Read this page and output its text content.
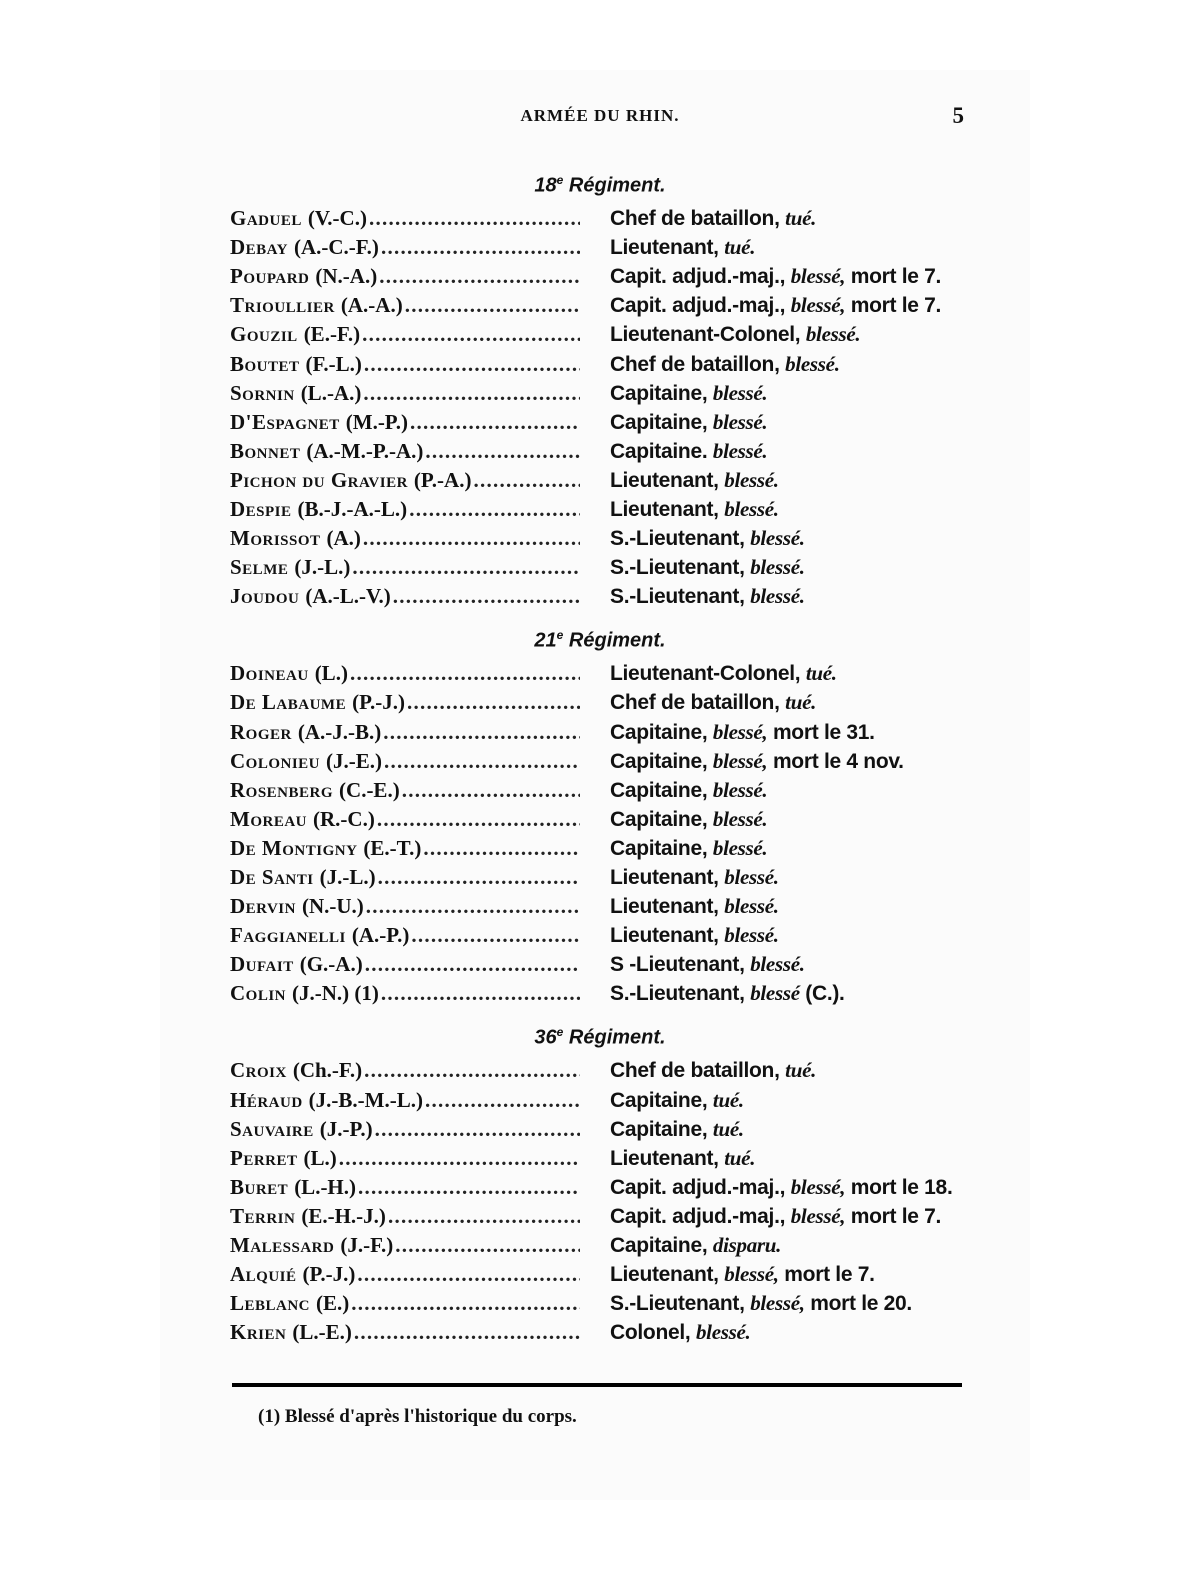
ARMÉE DU RHIN.	5
18e Régiment.
Gaduel (V.-C.) . . .	Chef de bataillon, tué.
Debay (A.-C.-F.) . . .	Lieutenant, tué.
Poupard (N.-A.) . . .	Capit. adjud.-maj., blessé, mort le 7.
Trioullier (A.-A.) . . .	Capit. adjud.-maj., blessé, mort le 7.
Gouzil (E.-F.) . . .	Lieutenant-Colonel, blessé.
Boutet (F.-L.) . . .	Chef de bataillon, blessé.
Sornin (L.-A.) . . .	Capitaine, blessé.
D'Espagnet (M.-P.) . . .	Capitaine, blessé.
Bonnet (A.-M.-P.-A.) . . .	Capitaine. blessé.
Pichon du Gravier (P.-A.) . . .	Lieutenant, blessé.
Despie (B.-J.-A.-L.) . . .	Lieutenant, blessé.
Morissot (A.) . . .	S.-Lieutenant, blessé.
Selme (J.-L.) . . .	S.-Lieutenant, blessé.
Joudou (A.-L.-V.) . . .	S.-Lieutenant, blessé.
21e Régiment.
Doineau (L.) . . .	Lieutenant-Colonel, tué.
De Labaume (P.-J.) . . .	Chef de bataillon, tué.
Roger (A.-J.-B.) . . .	Capitaine, blessé, mort le 31.
Colonieu (J.-E.) . . .	Capitaine, blessé, mort le 4 nov.
Rosenberg (C.-E.) . . .	Capitaine, blessé.
Moreau (R.-C.) . . .	Capitaine, blessé.
De Montigny (E.-T.) . . .	Capitaine, blessé.
De Santi (J.-L.) . . .	Lieutenant, blessé.
Dervin (N.-U.) . . .	Lieutenant, blessé.
Faggianelli (A.-P.) . . .	Lieutenant, blessé.
Dufait (G.-A.) . . .	S -Lieutenant, blessé.
Colin (J.-N.) (1) . . .	S.-Lieutenant, blessé (C.).
36e Régiment.
Croix (Ch.-F.) . . .	Chef de bataillon, tué.
Héraud (J.-B.-M.-L.) . . .	Capitaine, tué.
Sauvaire (J.-P.) . . .	Capitaine, tué.
Perret (L.) . . .	Lieutenant, tué.
Buret (L.-H.) . . .	Capit. adjud.-maj., blessé, mort le 18.
Terrin (E.-H.-J.) . . .	Capit. adjud.-maj., blessé, mort le 7.
Malessard (J.-F.) . . .	Capitaine, disparu.
Alquié (P.-J.) . . .	Lieutenant, blessé, mort le 7.
Leblanc (E.) . . .	S.-Lieutenant, blessé, mort le 20.
Krien (L.-E.) . . .	Colonel, blessé.
(1) Blessé d'après l'historique du corps.
